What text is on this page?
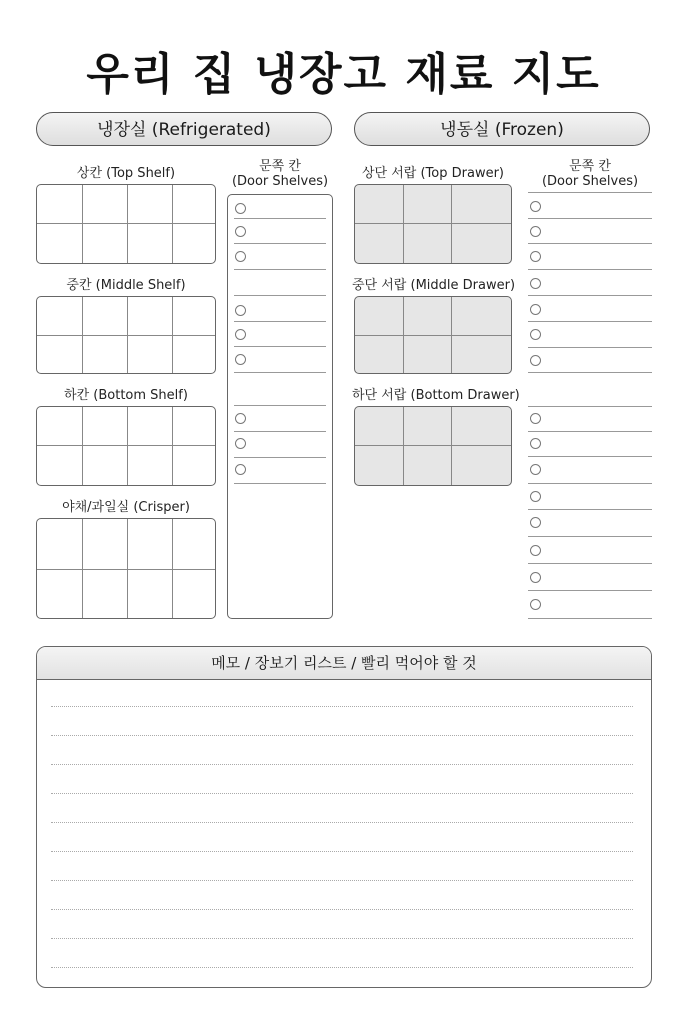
우리 집 냉장고 재료 지도
냉장실 (Refrigerated)
상칸 (Top Shelf)
중칸 (Middle Shelf)
하칸 (Bottom Shelf)
야채/과일실 (Crisper)
문쪽 칸
(Door Shelves)
냉동실 (Frozen)
상단 서랍 (Top Drawer)
중단 서랍 (Middle Drawer)
하단 서랍 (Bottom Drawer)
문쪽 칸
(Door Shelves)
메모 / 장보기 리스트 / 빨리 먹어야 할 것
